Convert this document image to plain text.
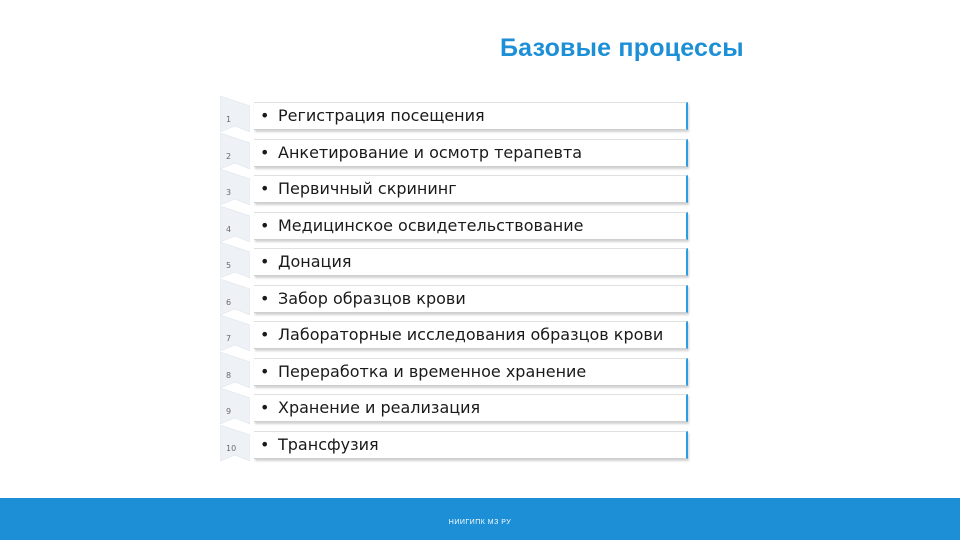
Базовые процессы
1	• Регистрация посещения
2	• Анкетирование и осмотр терапевта
3	• Первичный скрининг
4	• Медицинское освидетельствование
5	• Донация
6	• Забор образцов крови
7	• Лабораторные исследования образцов крови
8	• Переработка и временное хранение
9	• Хранение и реализация
10	• Трансфузия
НИИГИПК МЗ РУ
